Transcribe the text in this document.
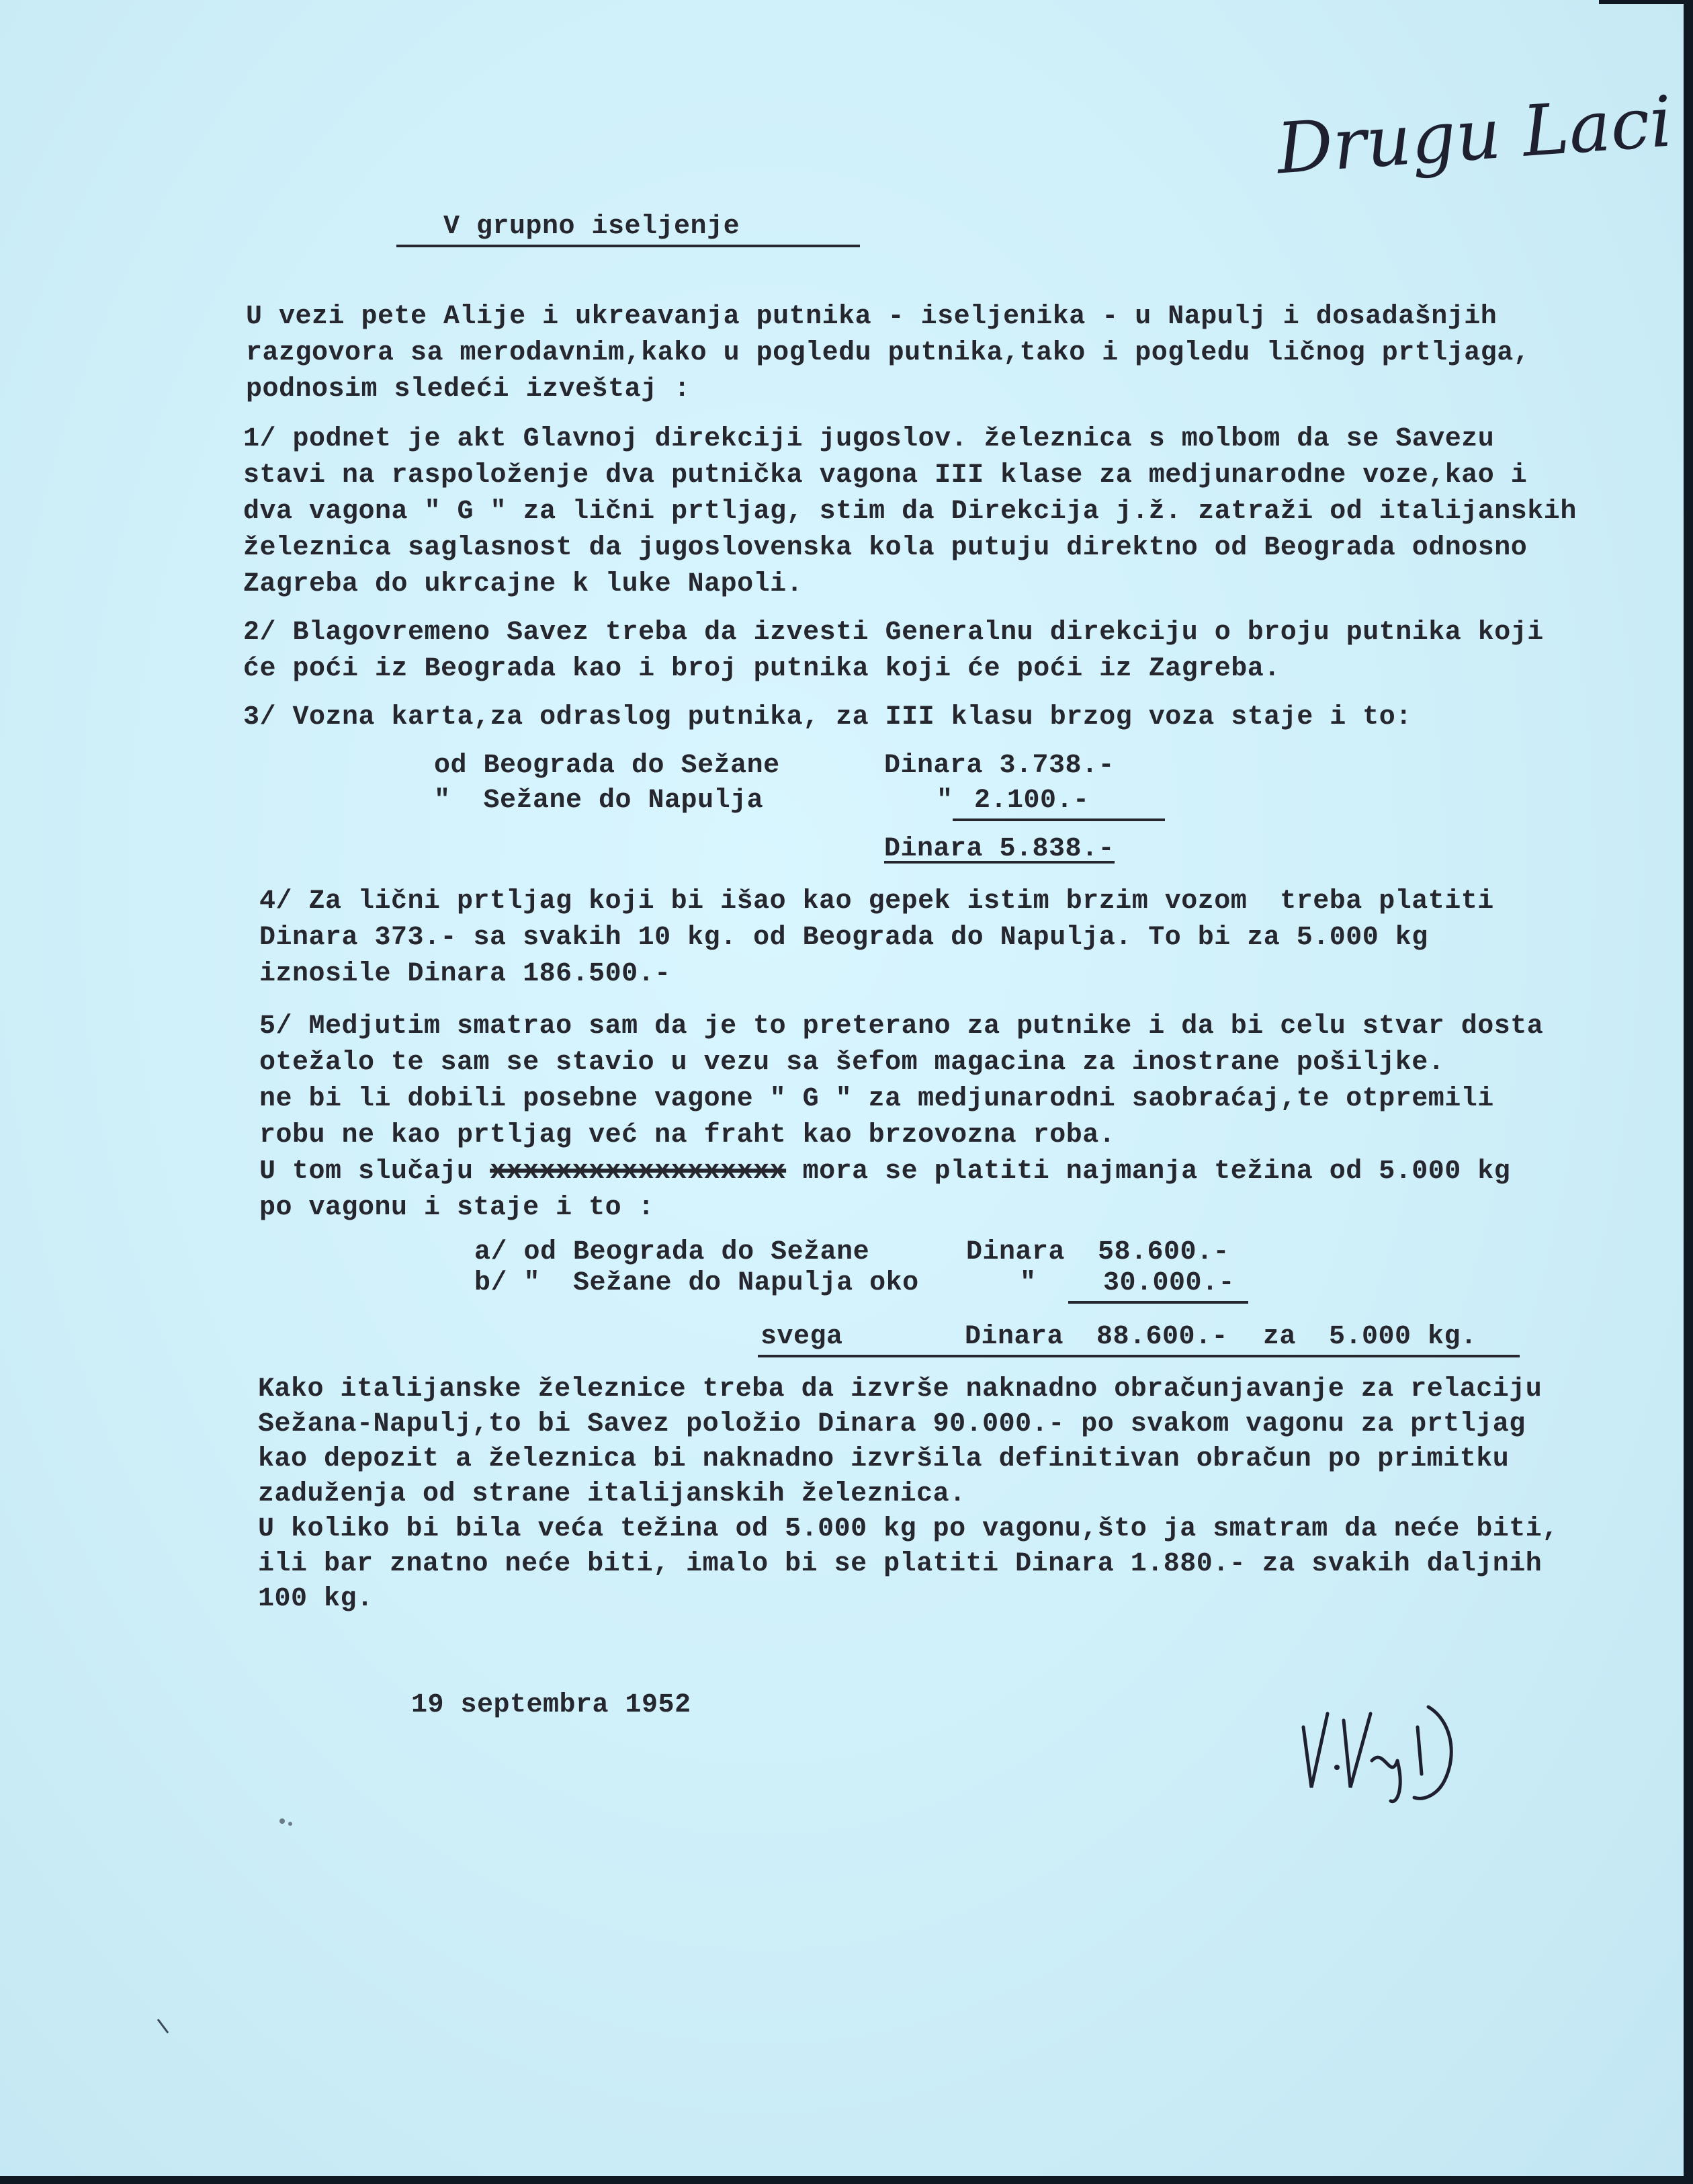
Drugu Laci
V grupno iseljenje
U vezi pete Alije i ukreavanja putnika - iseljenika - u Napulj i dosadašnjih
razgovora sa merodavnim,kako u pogledu putnika,tako i pogledu ličnog prtljaga,
podnosim sledeći izveštaj :
1/ podnet je akt Glavnoj direkciji jugoslov. železnica s molbom da se Savezu
stavi na raspoloženje dva putnička vagona III klase za medjunarodne voze,kao i
dva vagona " G " za lični prtljag, stim da Direkcija j.ž. zatraži od italijanskih
železnica saglasnost da jugoslovenska kola putuju direktno od Beograda odnosno
Zagreba do ukrcajne k luke Napoli.
2/ Blagovremeno Savez treba da izvesti Generalnu direkciju o broju putnika koji
će poći iz Beograda kao i broj putnika koji će poći iz Zagreba.
3/ Vozna karta,za odraslog putnika, za III klasu brzog voza staje i to:
od Beograda do Sežane	Dinara 3.738.-
"  Sežane do Napulja	" 2.100.-
Dinara 5.838.-
4/ Za lični prtljag koji bi išao kao gepek istim brzim vozom  treba platiti
Dinara 373.- sa svakih 10 kg. od Beograda do Napulja. To bi za 5.000 kg
iznosile Dinara 186.500.-
5/ Medjutim smatrao sam da je to preterano za putnike i da bi celu stvar dosta
otežalo te sam se stavio u vezu sa šefom magacina za inostrane pošiljke.
ne bi li dobili posebne vagone " G " za medjunarodni saobraćaj,te otpremili
robu ne kao prtljag već na fraht kao brzovozna roba.
U tom slučaju xxxxxxxxxxxxxxxxxx mora se platiti najmanja težina od 5.000 kg
po vagonu i staje i to :
a/ od Beograda do Sežane	Dinara  58.600.-
b/ "  Sežane do Napulja oko	" 30.000.-
svega	Dinara  88.600.- za  5.000 kg.
Kako italijanske železnice treba da izvrše naknadno obračunjavanje za relaciju
Sežana-Napulj,to bi Savez položio Dinara 90.000.- po svakom vagonu za prtljag
kao depozit a železnica bi naknadno izvršila definitivan obračun po primitku
zaduženja od strane italijanskih železnica.
U koliko bi bila veća težina od 5.000 kg po vagonu,što ja smatram da neće biti,
ili bar znatno neće biti, imalo bi se platiti Dinara 1.880.- za svakih daljnih
100 kg.
19 septembra 1952
